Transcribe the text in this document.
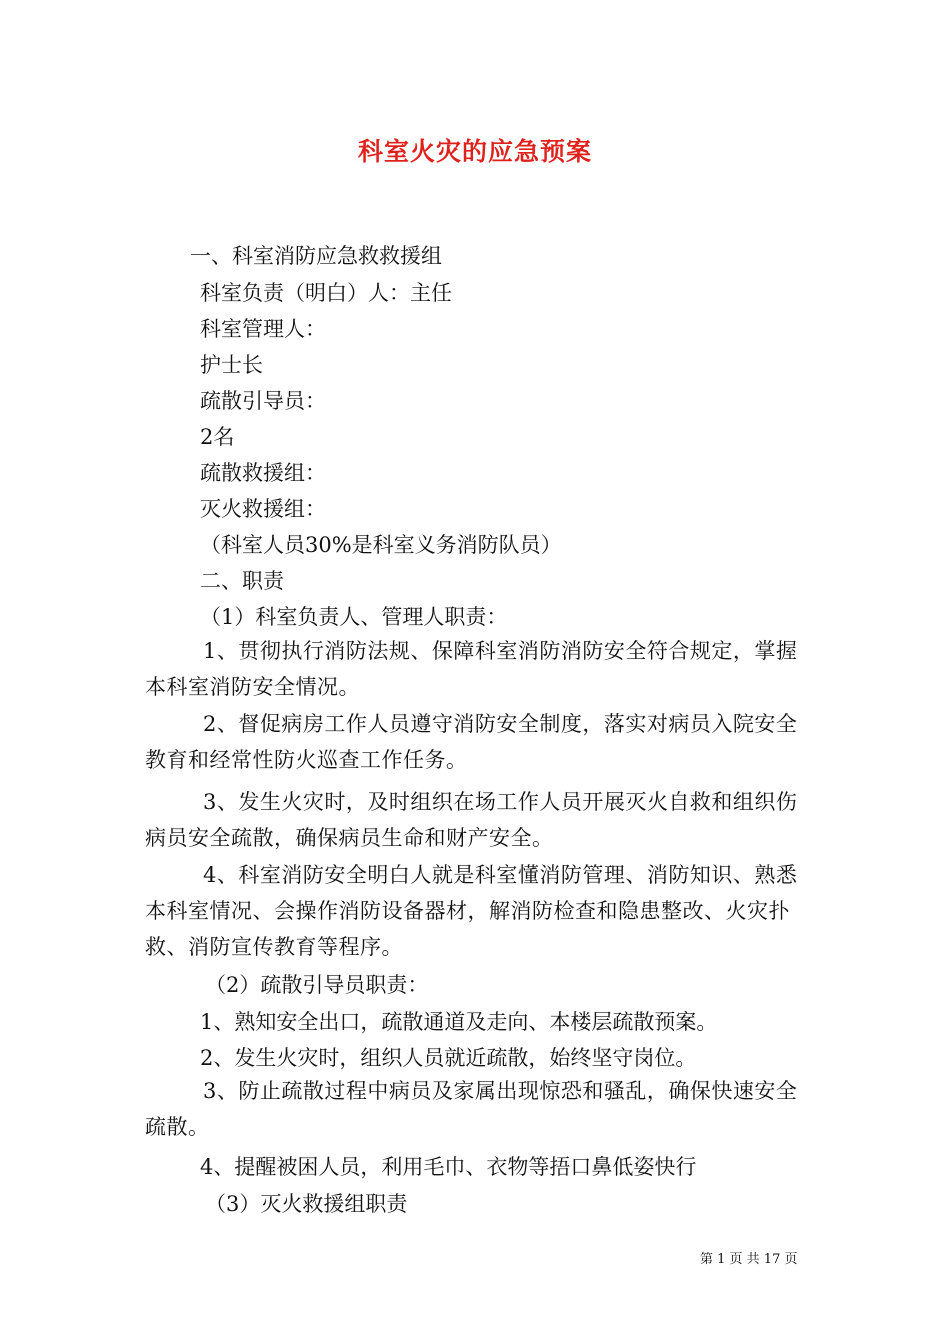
科室火灾的应急预案
一、科室消防应急救救援组
科室负责（明白）人：主任
科室管理人：
护士长
疏散引导员：
2名
疏散救援组：
灭火救援组：
（科室人员30%是科室义务消防队员）
二、职责
（1）科室负责人、管理人职责：
1、贯彻执行消防法规、保障科室消防消防安全符合规定，掌握本科室消防安全情况。
2、督促病房工作人员遵守消防安全制度，落实对病员入院安全教育和经常性防火巡查工作任务。
3、发生火灾时，及时组织在场工作人员开展灭火自救和组织伤病员安全疏散，确保病员生命和财产安全。
4、科室消防安全明白人就是科室懂消防管理、消防知识、熟悉本科室情况、会操作消防设备器材，解消防检查和隐患整改、火灾扑救、消防宣传教育等程序。
（2）疏散引导员职责：
1、熟知安全出口，疏散通道及走向、本楼层疏散预案。
2、发生火灾时，组织人员就近疏散，始终坚守岗位。
3、防止疏散过程中病员及家属出现惊恐和骚乱，确保快速安全疏散。
4、提醒被困人员，利用毛巾、衣物等捂口鼻低姿快行
（3）灭火救援组职责
第 1 页 共 17 页
